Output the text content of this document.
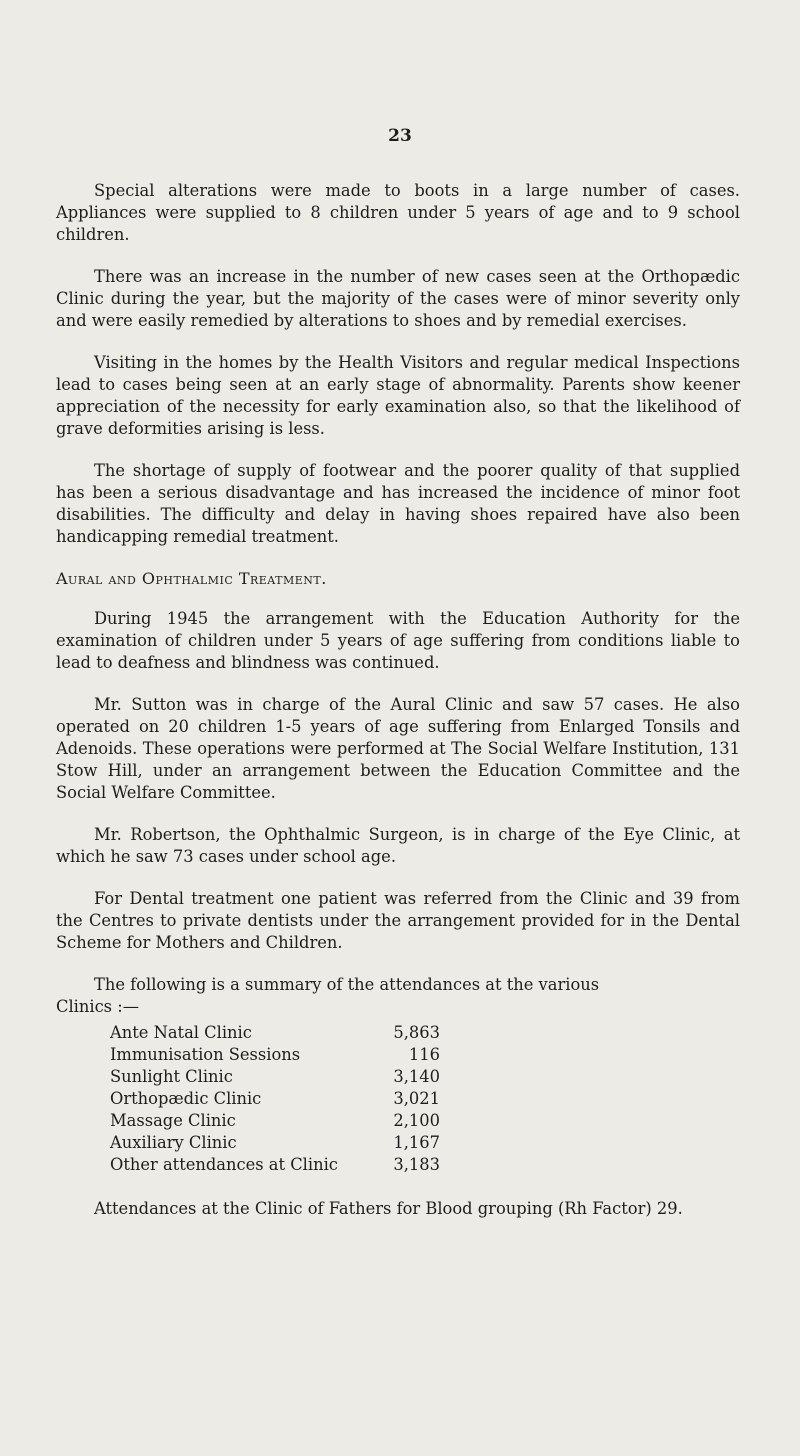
23

Special alterations were made to boots in a large number of cases. Appliances were supplied to 8 children under 5 years of age and to 9 school children.

There was an increase in the number of new cases seen at the Orthopædic Clinic during the year, but the majority of the cases were of minor severity only and were easily remedied by alterations to shoes and by remedial exercises.

Visiting in the homes by the Health Visitors and regular medical Inspections lead to cases being seen at an early stage of abnormality. Parents show keener appreciation of the necessity for early examination also, so that the likelihood of grave deformities arising is less.

The shortage of supply of footwear and the poorer quality of that supplied has been a serious disadvantage and has increased the incidence of minor foot disabilities. The difficulty and delay in having shoes repaired have also been handicapping remedial treatment.

Aural and Ophthalmic Treatment.

During 1945 the arrangement with the Education Authority for the examination of children under 5 years of age suffering from conditions liable to lead to deafness and blindness was continued.

Mr. Sutton was in charge of the Aural Clinic and saw 57 cases. He also operated on 20 children 1-5 years of age suffering from Enlarged Tonsils and Adenoids. These operations were performed at The Social Welfare Institution, 131 Stow Hill, under an arrangement between the Education Committee and the Social Welfare Committee.

Mr. Robertson, the Ophthalmic Surgeon, is in charge of the Eye Clinic, at which he saw 73 cases under school age.

For Dental treatment one patient was referred from the Clinic and 39 from the Centres to private dentists under the arrangement provided for in the Dental Scheme for Mothers and Children.

The following is a summary of the attendances at the various

Clinics :—

Ante Natal Clinic	5,863
Immunisation Sessions	116
Sunlight Clinic	3,140
Orthopædic Clinic	3,021
Massage Clinic	2,100
Auxiliary Clinic	1,167
Other attendances at Clinic	3,183

Attendances at the Clinic of Fathers for Blood grouping (Rh Factor) 29.
